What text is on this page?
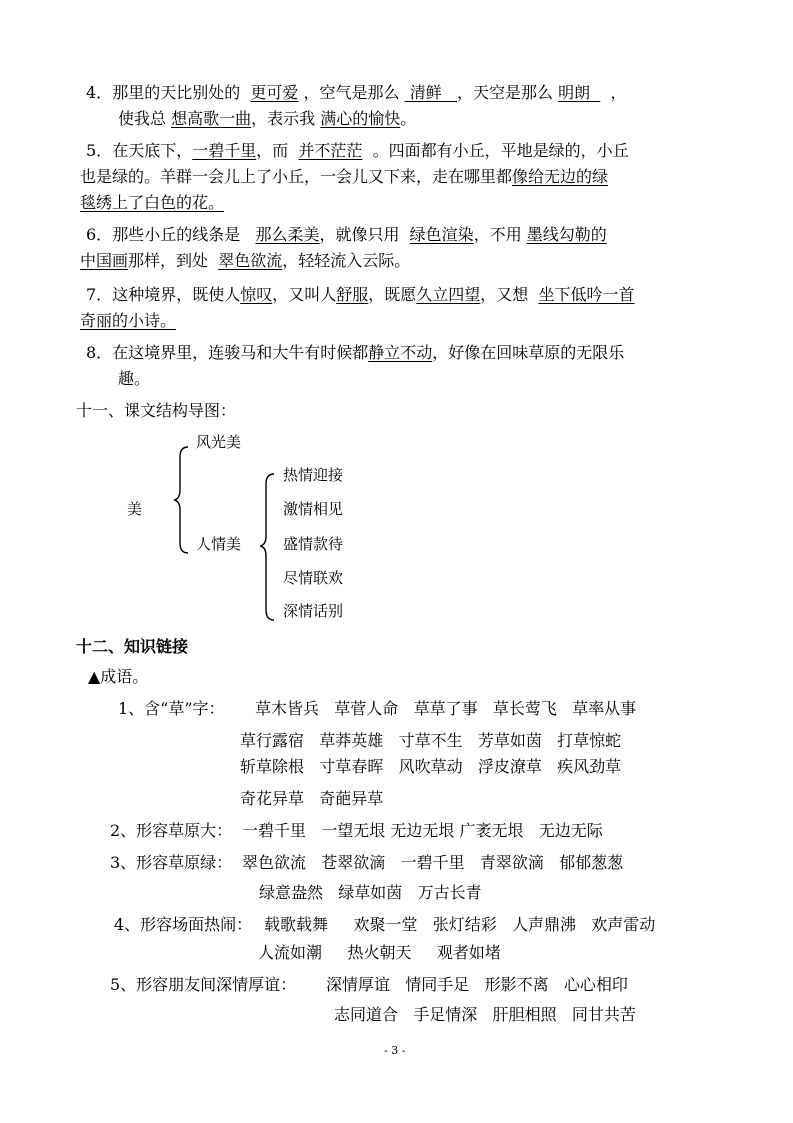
4．那里的天比别处的 更可爱 ，空气是那么 清鲜 ，天空是那么 明朗 ，
使我总 想高歌一曲，表示我 满心的愉快。
5．在天底下，一碧千里，而 并不茫茫 。四面都有小丘，平地是绿的，小丘
也是绿的。羊群一会儿上了小丘，一会儿又下来，走在哪里都像给无边的绿
毯绣上了白色的花。
6．那些小丘的线条是 那么柔美，就像只用 绿色渲染，不用 墨线勾勒的
中国画那样，到处 翠色欲流，轻轻流入云际。
7．这种境界，既使人惊叹，又叫人舒服，既愿久立四望，又想 坐下低吟一首
奇丽的小诗。
8．在这境界里，连骏马和大牛有时候都静立不动，好像在回味草原的无限乐
趣。
十一、课文结构导图：
美
风光美
人情美
热情迎接
激情相见
盛情款待
尽情联欢
深情话别
十二、知识链接
▲成语。
1、含“草”字： 草木皆兵 草菅人命 草草了事 草长莺飞 草率从事
草行露宿 草莽英雄 寸草不生 芳草如茵 打草惊蛇
斩草除根 寸草春晖 风吹草动 浮皮潦草 疾风劲草
奇花异草 奇葩异草
2、形容草原大： 一碧千里 一望无垠 无边无垠 广袤无垠 无边无际
3、形容草原绿： 翠色欲流 苍翠欲滴 一碧千里 青翠欲滴 郁郁葱葱
绿意盎然 绿草如茵 万古长青
4、形容场面热闹： 载歌载舞 欢聚一堂 张灯结彩 人声鼎沸 欢声雷动
人流如潮 热火朝天 观者如堵
5、形容朋友间深情厚谊： 深情厚谊 情同手足 形影不离 心心相印
志同道合 手足情深 肝胆相照 同甘共苦
- 3 -
